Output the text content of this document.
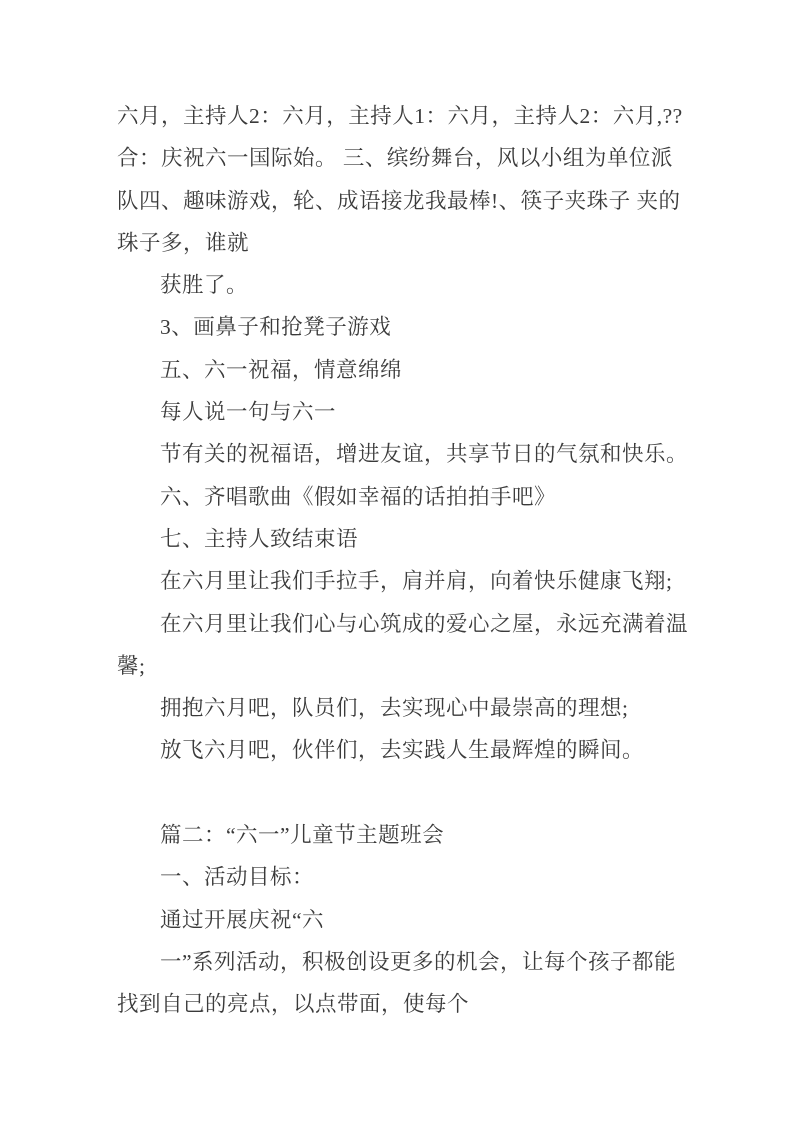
六月，主持人2：六月，主持人1：六月，主持人2：六月,??
合：庆祝六一国际始。 三、缤纷舞台，风以小组为单位派
队四、趣味游戏，轮、成语接龙我最棒!、筷子夹珠子 夹的
珠子多，谁就
获胜了。
3、画鼻子和抢凳子游戏
五、六一祝福，情意绵绵
每人说一句与六一
节有关的祝福语，增进友谊，共享节日的气氛和快乐。
六、齐唱歌曲《假如幸福的话拍拍手吧》
七、主持人致结束语
在六月里让我们手拉手，肩并肩，向着快乐健康飞翔;
在六月里让我们心与心筑成的爱心之屋，永远充满着温
馨;
拥抱六月吧，队员们，去实现心中最崇高的理想;
放飞六月吧，伙伴们，去实践人生最辉煌的瞬间。
篇二：“六一”儿童节主题班会
一、活动目标：
通过开展庆祝“六
一”系列活动，积极创设更多的机会，让每个孩子都能
找到自己的亮点，以点带面，使每个
